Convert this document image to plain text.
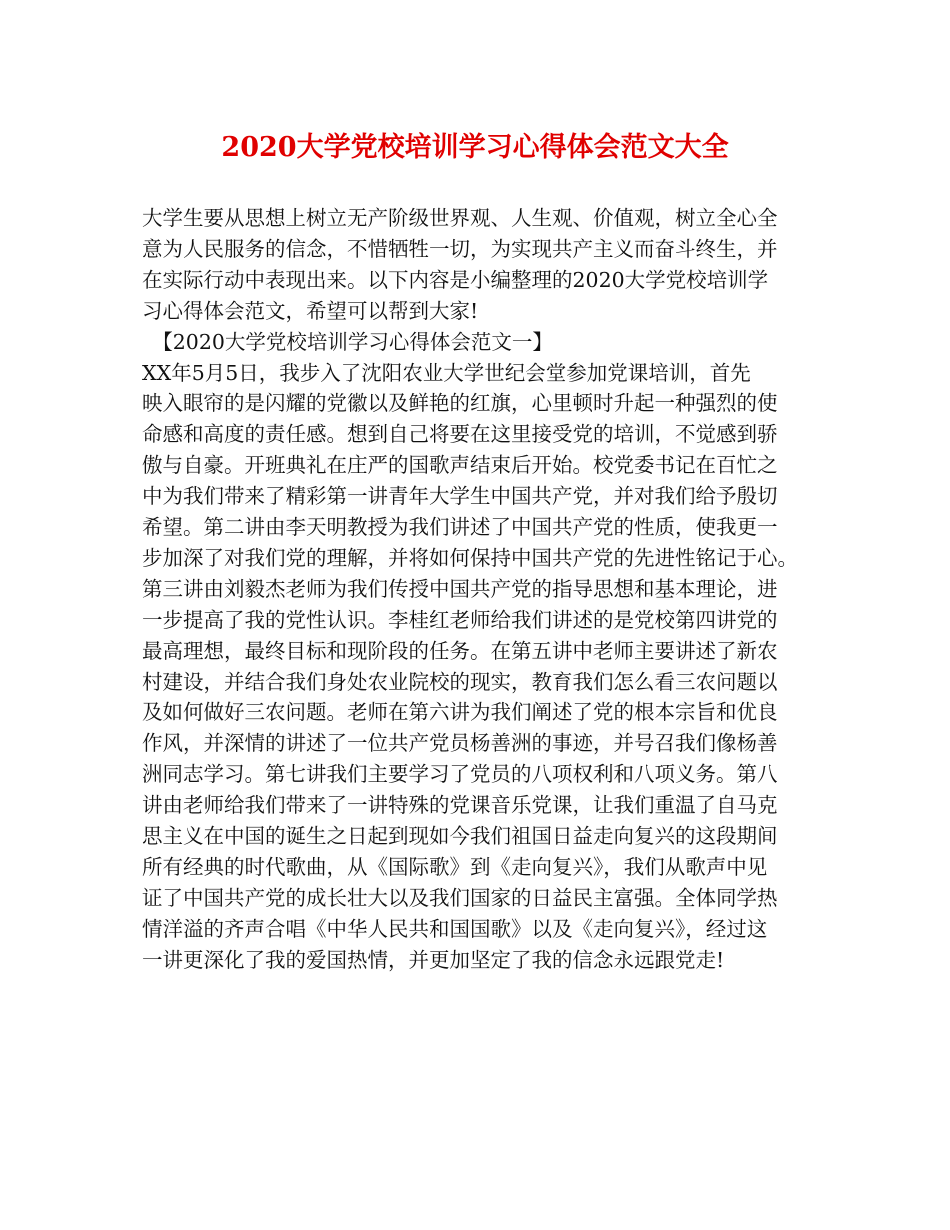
2020大学党校培训学习心得体会范文大全
大学生要从思想上树立无产阶级世界观、人生观、价值观，树立全心全
意为人民服务的信念，不惜牺牲一切，为实现共产主义而奋斗终生，并
在实际行动中表现出来。以下内容是小编整理的2020大学党校培训学
习心得体会范文，希望可以帮到大家!
　【2020大学党校培训学习心得体会范文一】
XX年5月5日，我步入了沈阳农业大学世纪会堂参加党课培训，首先
映入眼帘的是闪耀的党徽以及鲜艳的红旗，心里顿时升起一种强烈的使
命感和高度的责任感。想到自己将要在这里接受党的培训，不觉感到骄
傲与自豪。开班典礼在庄严的国歌声结束后开始。校党委书记在百忙之
中为我们带来了精彩第一讲青年大学生中国共产党，并对我们给予殷切
希望。第二讲由李天明教授为我们讲述了中国共产党的性质，使我更一
步加深了对我们党的理解，并将如何保持中国共产党的先进性铭记于心。
第三讲由刘毅杰老师为我们传授中国共产党的指导思想和基本理论，进
一步提高了我的党性认识。李桂红老师给我们讲述的是党校第四讲党的
最高理想，最终目标和现阶段的任务。在第五讲中老师主要讲述了新农
村建设，并结合我们身处农业院校的现实，教育我们怎么看三农问题以
及如何做好三农问题。老师在第六讲为我们阐述了党的根本宗旨和优良
作风，并深情的讲述了一位共产党员杨善洲的事迹，并号召我们像杨善
洲同志学习。第七讲我们主要学习了党员的八项权利和八项义务。第八
讲由老师给我们带来了一讲特殊的党课音乐党课，让我们重温了自马克
思主义在中国的诞生之日起到现如今我们祖国日益走向复兴的这段期间
所有经典的时代歌曲，从《国际歌》到《走向复兴》，我们从歌声中见
证了中国共产党的成长壮大以及我们国家的日益民主富强。全体同学热
情洋溢的齐声合唱《中华人民共和国国歌》以及《走向复兴》，经过这
一讲更深化了我的爱国热情，并更加坚定了我的信念永远跟党走!
